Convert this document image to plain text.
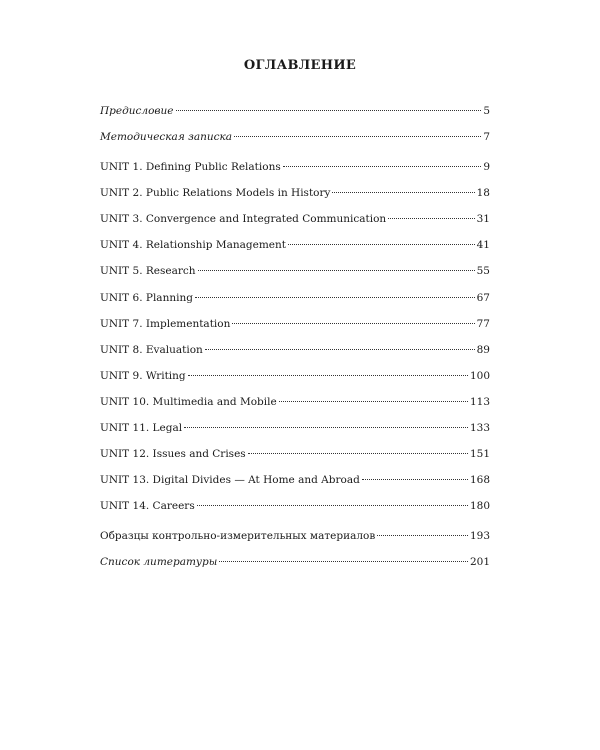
ОГЛАВЛЕНИЕ
Предисловие	5
Методическая записка	7
UNIT 1. Defining Public Relations	9
UNIT 2. Public Relations Models in History	18
UNIT 3. Convergence and Integrated Communication	31
UNIT 4. Relationship Management	41
UNIT 5. Research	55
UNIT 6. Planning	67
UNIT 7. Implementation	77
UNIT 8. Evaluation	89
UNIT 9. Writing	100
UNIT 10. Multimedia and Mobile	113
UNIT 11. Legal	133
UNIT 12. Issues and Crises	151
UNIT 13. Digital Divides — At Home and Abroad	168
UNIT 14. Careers	180
Образцы контрольно-измерительных материалов	193
Список литературы	201
